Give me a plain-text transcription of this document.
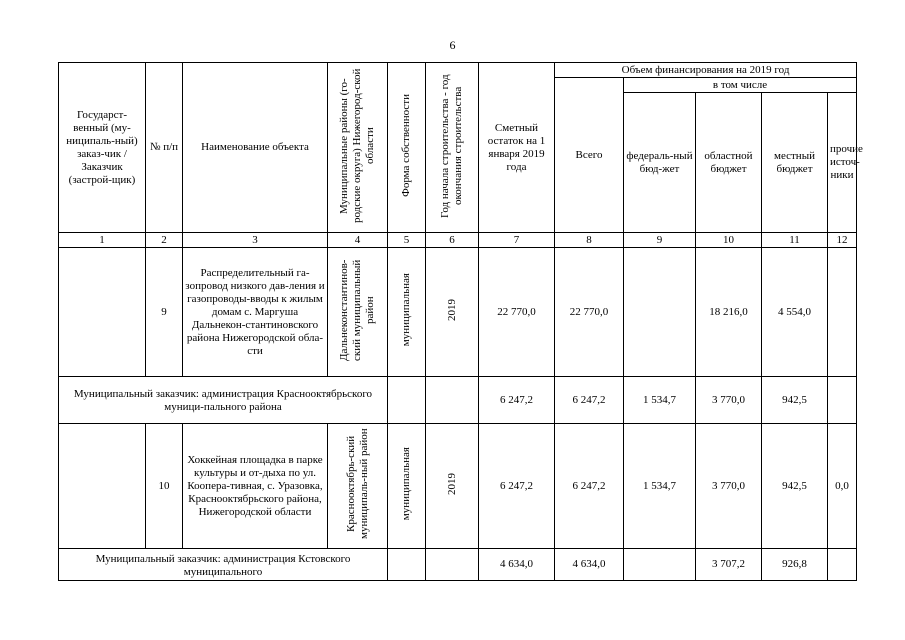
6
Государст-венный (му-ниципаль-ный) заказ-чик / Заказчик (застрой-щик)	№ п/п	Наименование объекта	Муниципальные районы (го-родские округа) Нижегород-ской области	Форма собственности	Год начала строительства - год окончания строительства	Сметный остаток на 1 января 2019 года	Объем финансирования на 2019 год				
							Всего	в том числе			
								федераль-ный бюд-жет	областной бюджет	местный бюджет	прочие источ-ники
1	2	3	4	5	6	7	8	9	10	11	12
	9	Распределительный га-зопровод низкого дав-ления и газопроводы-вводы к жилым домам с. Маргуша Дальнекон-стантиновского района Нижегородской обла-сти	Дальнеконстантинов-ский муниципальный район	муниципальная	2019	22 770,0	22 770,0		18 216,0	4 554,0	
Муниципальный заказчик: администрация Краснооктябрьского муници-пального района						6 247,2	6 247,2	1 534,7	3 770,0	942,5	
	10	Хоккейная площадка в парке культуры и от-дыха по ул. Коопера-тивная, с. Уразовка, Краснооктябрьского района, Нижегородской области	Краснооктябрь-ский муниципаль-ный район	муниципальная	2019	6 247,2	6 247,2	1 534,7	3 770,0	942,5	0,0
Муниципальный заказчик: администрация Кстовского муниципального						4 634,0	4 634,0		3 707,2	926,8	
